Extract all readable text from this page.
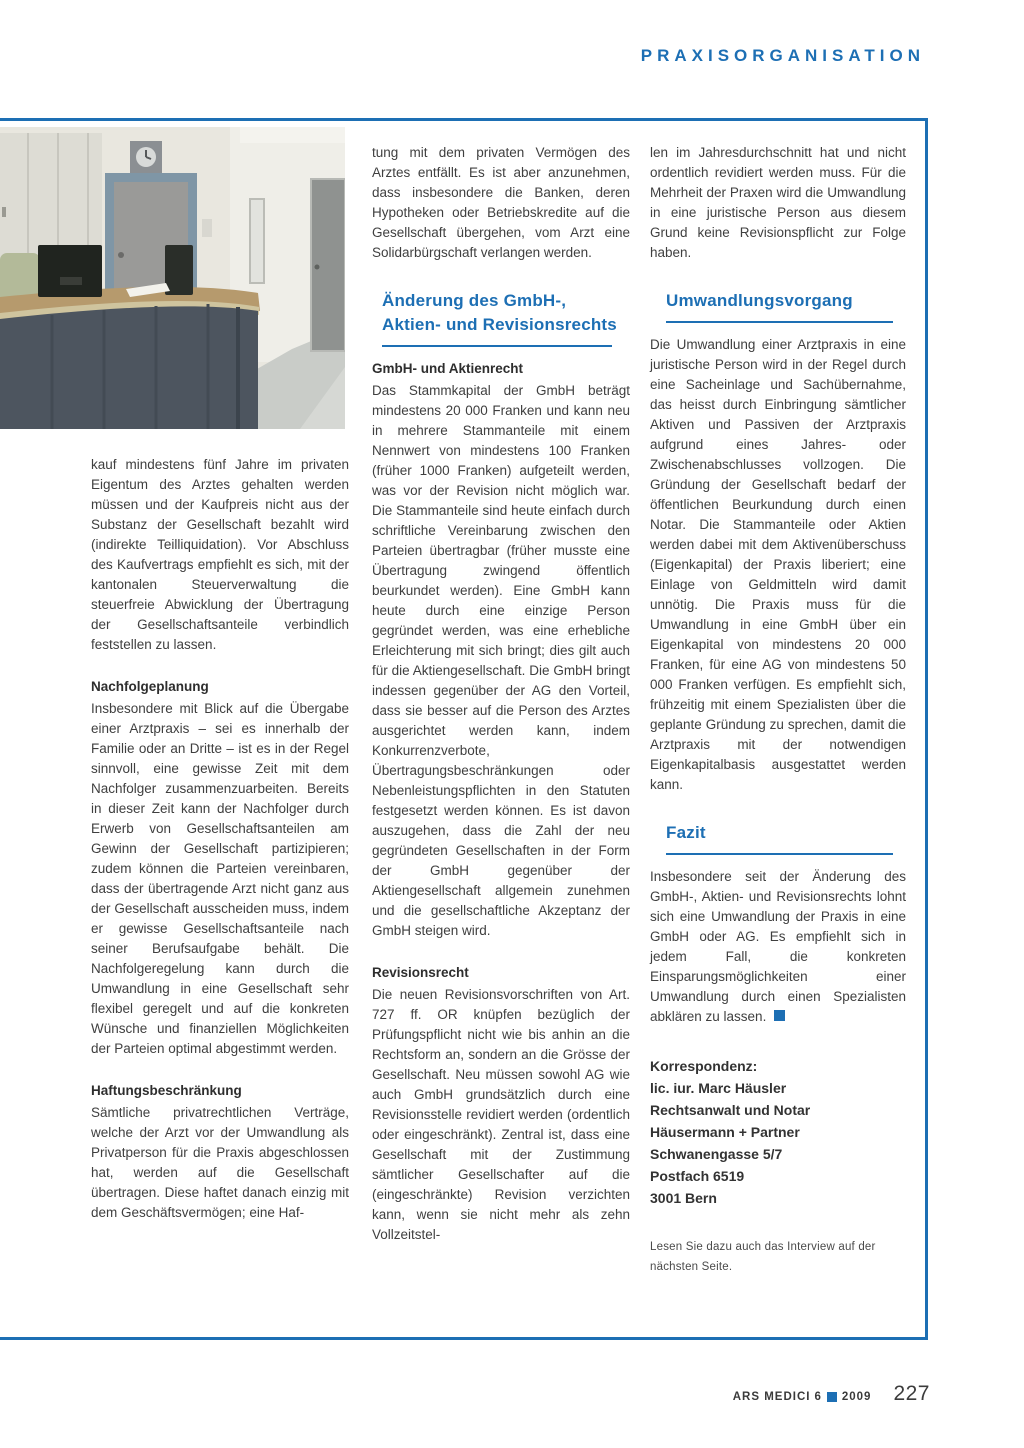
PRAXISORGANISATION

kauf mindestens fünf Jahre im privaten Eigentum des Arztes gehalten werden müssen und der Kaufpreis nicht aus der Substanz der Gesellschaft bezahlt wird (indirekte Teilliquidation). Vor Abschluss des Kaufvertrags empfiehlt es sich, mit der kantonalen Steuerverwaltung die steuerfreie Abwicklung der Übertragung der Gesellschaftsanteile verbindlich feststellen zu lassen.

Nachfolgeplanung

Insbesondere mit Blick auf die Übergabe einer Arztpraxis – sei es innerhalb der Familie oder an Dritte – ist es in der Regel sinnvoll, eine gewisse Zeit mit dem Nachfolger zusammenzuarbeiten. Bereits in dieser Zeit kann der Nachfolger durch Erwerb von Gesellschaftsanteilen am Gewinn der Gesellschaft partizipieren; zudem können die Parteien vereinbaren, dass der übertragende Arzt nicht ganz aus der Gesellschaft ausscheiden muss, indem er gewisse Gesellschaftsanteile nach seiner Berufsaufgabe behält. Die Nachfolgeregelung kann durch die Umwandlung in eine Gesellschaft sehr flexibel geregelt und auf die konkreten Wünsche und finanziellen Möglichkeiten der Parteien optimal abgestimmt werden.

Haftungsbeschränkung

Sämtliche privatrechtlichen Verträge, welche der Arzt vor der Umwandlung als Privatperson für die Praxis abgeschlossen hat, werden auf die Gesellschaft übertragen. Diese haftet danach einzig mit dem Geschäftsvermögen; eine Haf-

tung mit dem privaten Vermögen des Arztes entfällt. Es ist aber anzunehmen, dass insbesondere die Banken, deren Hypotheken oder Betriebskredite auf die Gesellschaft übergehen, vom Arzt eine Solidarbürgschaft verlangen werden.

Änderung des GmbH-,
Aktien- und Revisionsrechts
GmbH- und Aktienrecht

Das Stammkapital der GmbH beträgt mindestens 20 000 Franken und kann neu in mehrere Stammanteile mit einem Nennwert von mindestens 100 Franken (früher 1000 Franken) aufgeteilt werden, was vor der Revision nicht möglich war. Die Stammanteile sind heute einfach durch schriftliche Vereinbarung zwischen den Parteien übertragbar (früher musste eine Übertragung zwingend öffentlich beurkundet werden). Eine GmbH kann heute durch eine einzige Person gegründet werden, was eine erhebliche Erleichterung mit sich bringt; dies gilt auch für die Aktiengesellschaft. Die GmbH bringt indessen gegenüber der AG den Vorteil, dass sie besser auf die Person des Arztes ausgerichtet werden kann, indem Konkurrenzverbote, Übertragungsbeschränkungen oder Nebenleistungspflichten in den Statuten festgesetzt werden können. Es ist davon auszugehen, dass die Zahl der neu gegründeten Gesellschaften in der Form der GmbH gegenüber der Aktiengesellschaft allgemein zunehmen und die gesellschaftliche Akzeptanz der GmbH steigen wird.

Revisionsrecht

Die neuen Revisionsvorschriften von Art. 727 ff. OR knüpfen bezüglich der Prüfungspflicht nicht wie bis anhin an die Rechtsform an, sondern an die Grösse der Gesellschaft. Neu müssen sowohl AG wie auch GmbH grundsätzlich durch eine Revisionsstelle revidiert werden (ordentlich oder eingeschränkt). Zentral ist, dass eine Gesellschaft mit der Zustimmung sämtlicher Gesellschafter auf die (eingeschränkte) Revision verzichten kann, wenn sie nicht mehr als zehn Vollzeitstel-

len im Jahresdurchschnitt hat und nicht ordentlich revidiert werden muss. Für die Mehrheit der Praxen wird die Umwandlung in eine juristische Person aus diesem Grund keine Revisionspflicht zur Folge haben.

Umwandlungsvorgang

Die Umwandlung einer Arztpraxis in eine juristische Person wird in der Regel durch eine Sacheinlage und Sachübernahme, das heisst durch Einbringung sämtlicher Aktiven und Passiven der Arztpraxis aufgrund eines Jahres- oder Zwischenabschlusses vollzogen. Die Gründung der Gesellschaft bedarf der öffentlichen Beurkundung durch einen Notar. Die Stammanteile oder Aktien werden dabei mit dem Aktivenüberschuss (Eigenkapital) der Praxis liberiert; eine Einlage von Geldmitteln wird damit unnötig. Die Praxis muss für die Umwandlung in eine GmbH über ein Eigenkapital von mindestens 20 000 Franken, für eine AG von mindestens 50 000 Franken verfügen. Es empfiehlt sich, frühzeitig mit einem Spezialisten über die geplante Gründung zu sprechen, damit die Arztpraxis mit der notwendigen Eigenkapitalbasis ausgestattet werden kann.

Fazit

Insbesondere seit der Änderung des GmbH-, Aktien- und Revisionsrechts lohnt sich eine Umwandlung der Praxis in eine GmbH oder AG. Es empfiehlt sich in jedem Fall, die konkreten Einsparungsmöglichkeiten einer Umwandlung durch einen Spezialisten abklären zu lassen.

Korrespondenz:
lic. iur. Marc Häusler
Rechtsanwalt und Notar
Häusermann + Partner
Schwanengasse 5/7
Postfach 6519
3001 Bern
Lesen Sie dazu auch das Interview auf der nächsten Seite.
ARS MEDICI 6 2009 227
